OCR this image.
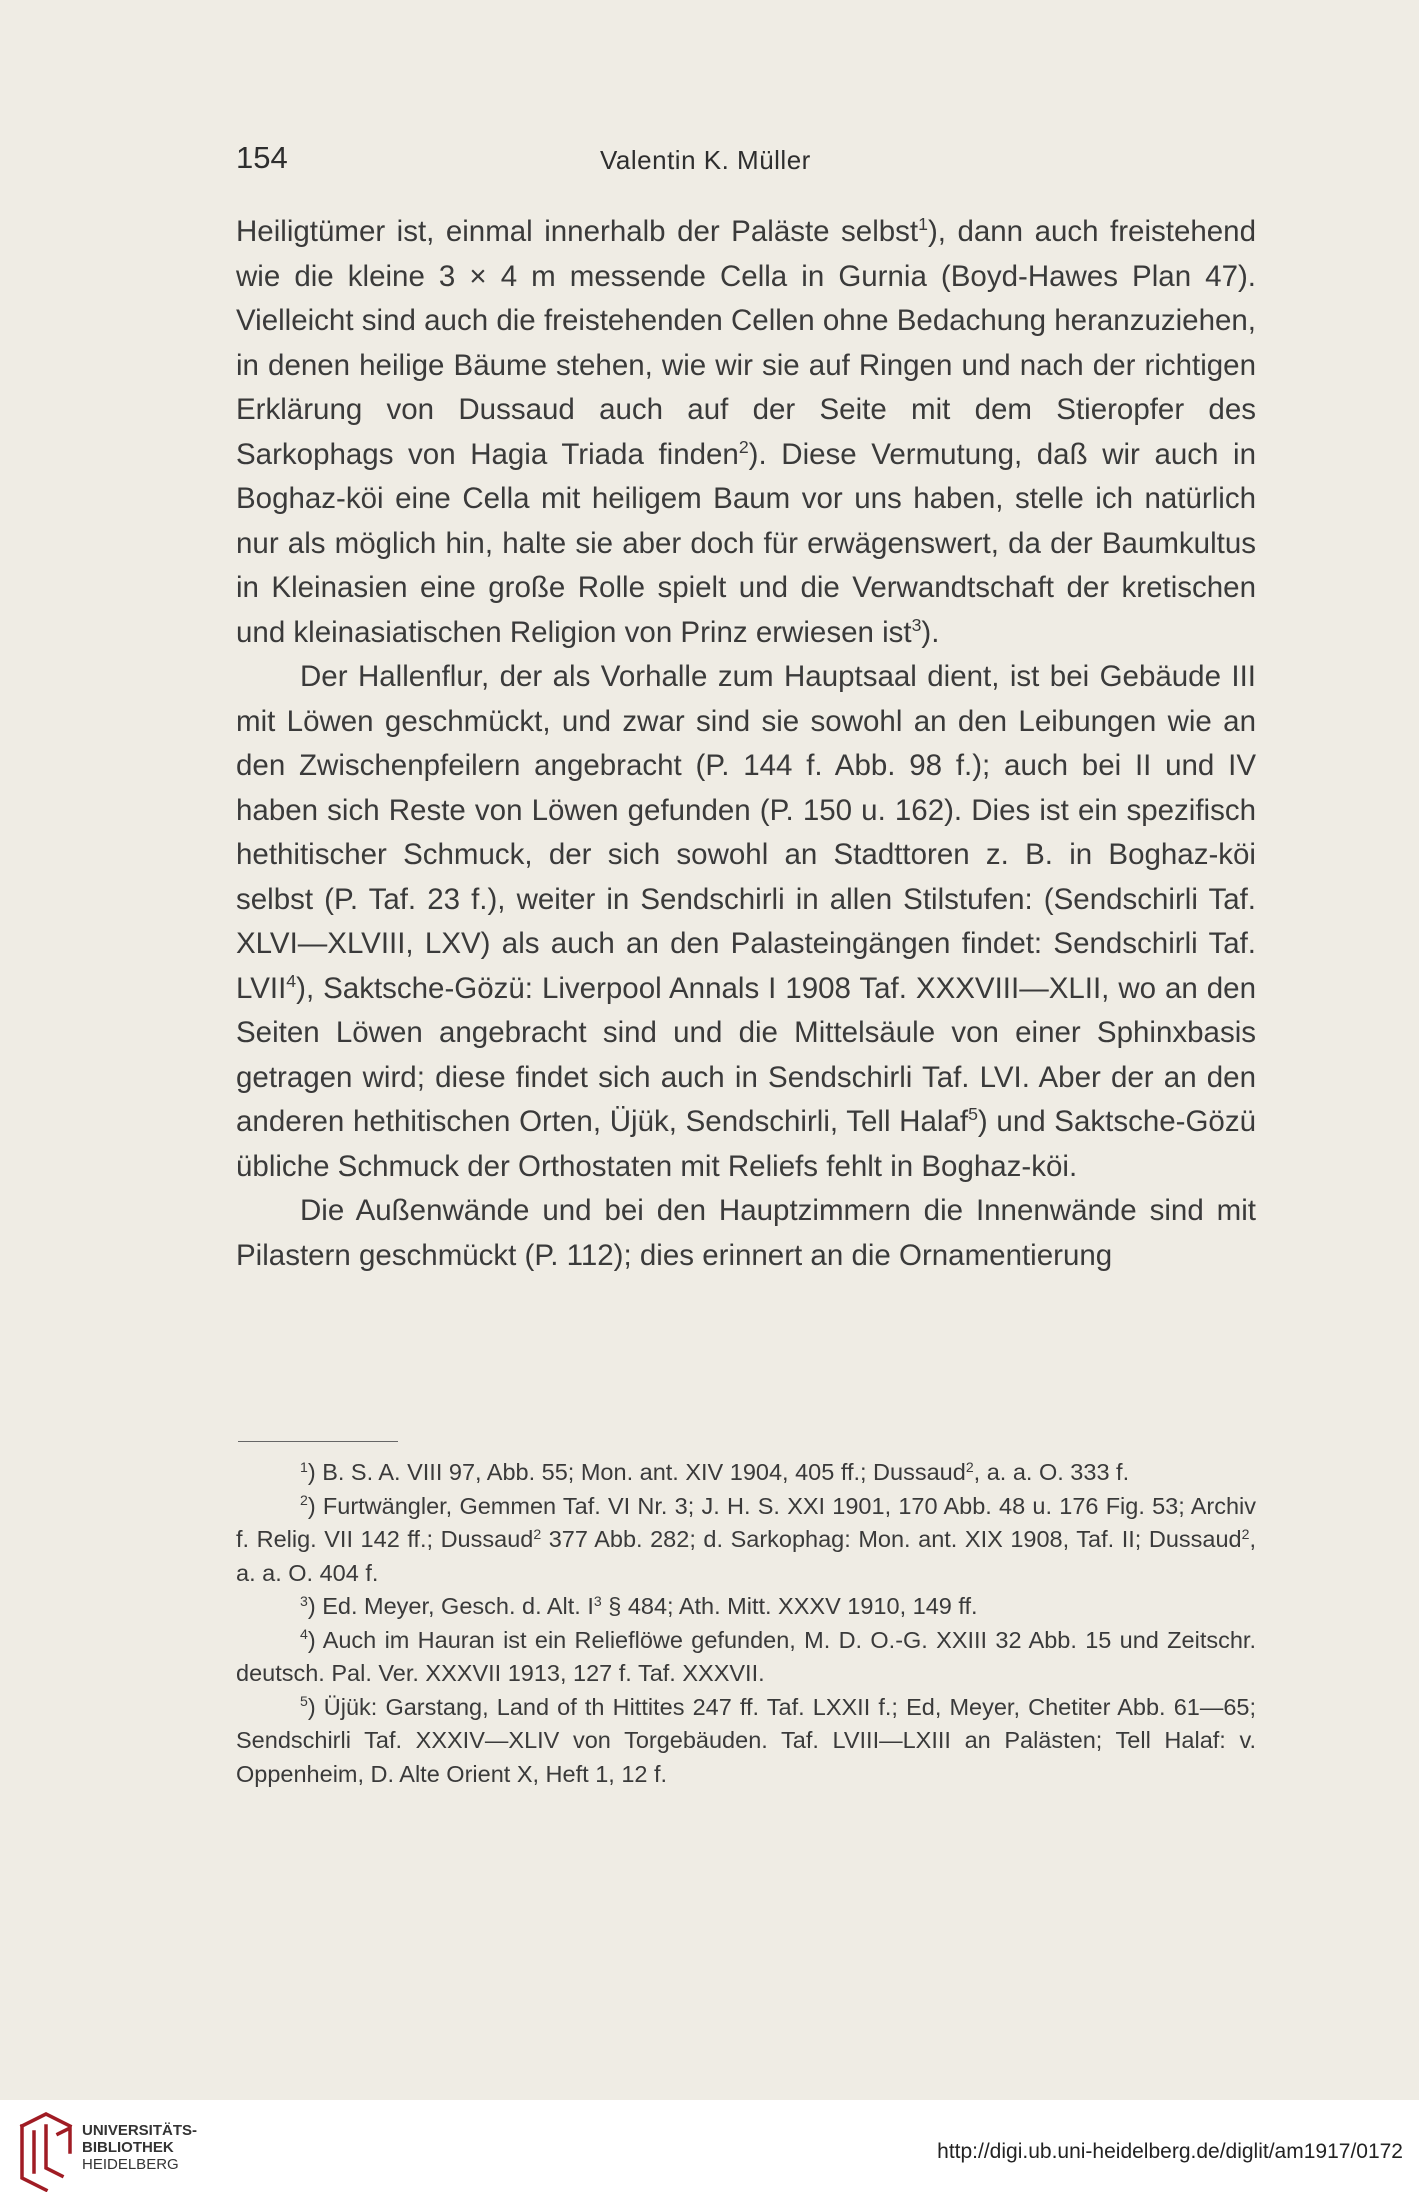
154	Valentin K. Müller

Heiligtümer ist, einmal innerhalb der Paläste selbst$^1$), dann auch freistehend wie die kleine 3 × 4 m messende Cella in Gurnia (Boyd-Hawes Plan 47). Vielleicht sind auch die freistehenden Cellen ohne Bedachung heranzuziehen, in denen heilige Bäume stehen, wie wir sie auf Ringen und nach der richtigen Erklärung von Dussaud auch auf der Seite mit dem Stieropfer des Sarkophags von Hagia Triada finden$^2$). Diese Vermutung, daß wir auch in Boghaz-köi eine Cella mit heiligem Baum vor uns haben, stelle ich natürlich nur als möglich hin, halte sie aber doch für erwägenswert, da der Baumkultus in Kleinasien eine große Rolle spielt und die Verwandtschaft der kretischen und kleinasiatischen Religion von Prinz erwiesen ist$^3$).

Der Hallenflur, der als Vorhalle zum Hauptsaal dient, ist bei Gebäude III mit Löwen geschmückt, und zwar sind sie sowohl an den Leibungen wie an den Zwischenpfeilern angebracht (P. 144 f. Abb. 98 f.); auch bei II und IV haben sich Reste von Löwen gefunden (P. 150 u. 162). Dies ist ein spezifisch hethitischer Schmuck, der sich sowohl an Stadttoren z. B. in Boghaz-köi selbst (P. Taf. 23 f.), weiter in Sendschirli in allen Stilstufen: (Sendschirli Taf. XLVI—XLVIII, LXV) als auch an den Palasteingängen findet: Sendschirli Taf. LVII$^4$), Saktsche-Gözü: Liverpool Annals I 1908 Taf. XXXVIII—XLII, wo an den Seiten Löwen angebracht sind und die Mittelsäule von einer Sphinxbasis getragen wird; diese findet sich auch in Sendschirli Taf. LVI. Aber der an den anderen hethitischen Orten, Üjük, Sendschirli, Tell Halaf$^5$) und Saktsche-Gözü übliche Schmuck der Orthostaten mit Reliefs fehlt in Boghaz-köi.

Die Außenwände und bei den Hauptzimmern die Innenwände sind mit Pilastern geschmückt (P. 112); dies erinnert an die Ornamentierung

$^1$) B. S. A. VIII 97, Abb. 55; Mon. ant. XIV 1904, 405 ff.; Dussaud$^2$, a. a. O. 333 f.

$^2$) Furtwängler, Gemmen Taf. VI Nr. 3; J. H. S. XXI 1901, 170 Abb. 48 u. 176 Fig. 53; Archiv f. Relig. VII 142 ff.; Dussaud$^2$ 377 Abb. 282; d. Sarkophag: Mon. ant. XIX 1908, Taf. II; Dussaud$^2$, a. a. O. 404 f.

$^3$) Ed. Meyer, Gesch. d. Alt. $I^3$ § 484; Ath. Mitt. XXXV 1910, 149 ff.

$^4$) Auch im Hauran ist ein Relieflöwe gefunden, M. D. O.-G. XXIII 32 Abb. 15 und Zeitschr. deutsch. Pal. Ver. XXXVII 1913, 127 f. Taf. XXXVII.

$^5$) Üjük: Garstang, Land of th Hittites 247 ff. Taf. LXXII f.; Ed, Meyer, Chetiter Abb. 61—65; Sendschirli Taf. XXXIV—XLIV von Torgebäuden. Taf. LVIII—LXIII an Palästen; Tell Halaf: v. Oppenheim, D. Alte Orient X, Heft 1, 12 f.

UNIVERSITÄTS-
BIBLIOTHEK
HEIDELBERG
http://digi.ub.uni-heidelberg.de/diglit/am1917/0172
